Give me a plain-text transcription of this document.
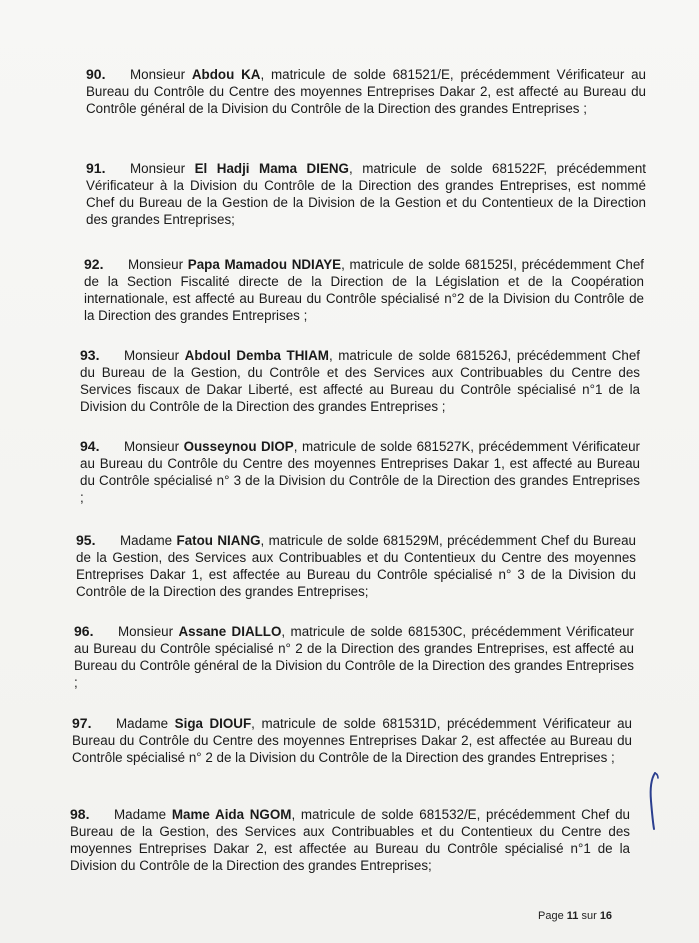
Monsieur Abdou KA, matricule de solde 681521/E, précédemment Vérificateur au Bureau du Contrôle du Centre des moyennes Entreprises Dakar 2, est affecté au Bureau du Contrôle général de la Division du Contrôle de la Direction des grandes Entreprises ;

90.

Monsieur El Hadji Mama DIENG, matricule de solde 681522F, précédemment Vérificateur à la Division du Contrôle de la Direction des grandes Entreprises, est nommé Chef du Bureau de la Gestion de la Division de la Gestion et du Contentieux de la Direction des grandes Entreprises;

91.

Monsieur Papa Mamadou NDIAYE, matricule de solde 681525I, précédemment Chef de la Section Fiscalité directe de la Direction de la Législation et de la Coopération internationale, est affecté au Bureau du Contrôle spécialisé n°2 de la Division du Contrôle de la Direction des grandes Entreprises ;

92.

Monsieur Abdoul Demba THIAM, matricule de solde 681526J, précédemment Chef du Bureau de la Gestion, du Contrôle et des Services aux Contribuables du Centre des Services fiscaux de Dakar Liberté, est affecté au Bureau du Contrôle spécialisé n°1 de la Division du Contrôle de la Direction des grandes Entreprises ;

93.

Monsieur Ousseynou DIOP, matricule de solde 681527K, précédemment Vérificateur au Bureau du Contrôle du Centre des moyennes Entreprises Dakar 1, est affecté au Bureau du Contrôle spécialisé n° 3 de la Division du Contrôle de la Direction des grandes Entreprises ;

94.

Madame Fatou NIANG, matricule de solde 681529M, précédemment Chef du Bureau de la Gestion, des Services aux Contribuables et du Contentieux du Centre des moyennes Entreprises Dakar 1, est affectée au Bureau du Contrôle spécialisé n° 3 de la Division du Contrôle de la Direction des grandes Entreprises;

95.

Monsieur Assane DIALLO, matricule de solde 681530C, précédemment Vérificateur au Bureau du Contrôle spécialisé n° 2 de la Direction des grandes Entreprises, est affecté au Bureau du Contrôle général de la Division du Contrôle de la Direction des grandes Entreprises ;

96.

Madame Siga DIOUF, matricule de solde 681531D, précédemment Vérificateur au Bureau du Contrôle du Centre des moyennes Entreprises Dakar 2, est affectée au Bureau du Contrôle spécialisé n° 2 de la Division du Contrôle de la Direction des grandes Entreprises ;

97.

Madame Mame Aida NGOM, matricule de solde 681532/E, précédemment Chef du Bureau de la Gestion, des Services aux Contribuables et du Contentieux du Centre des moyennes Entreprises Dakar 2, est affectée au Bureau du Contrôle spécialisé n°1 de la Division du Contrôle de la Direction des grandes Entreprises;

98.
Page 11 sur 16
